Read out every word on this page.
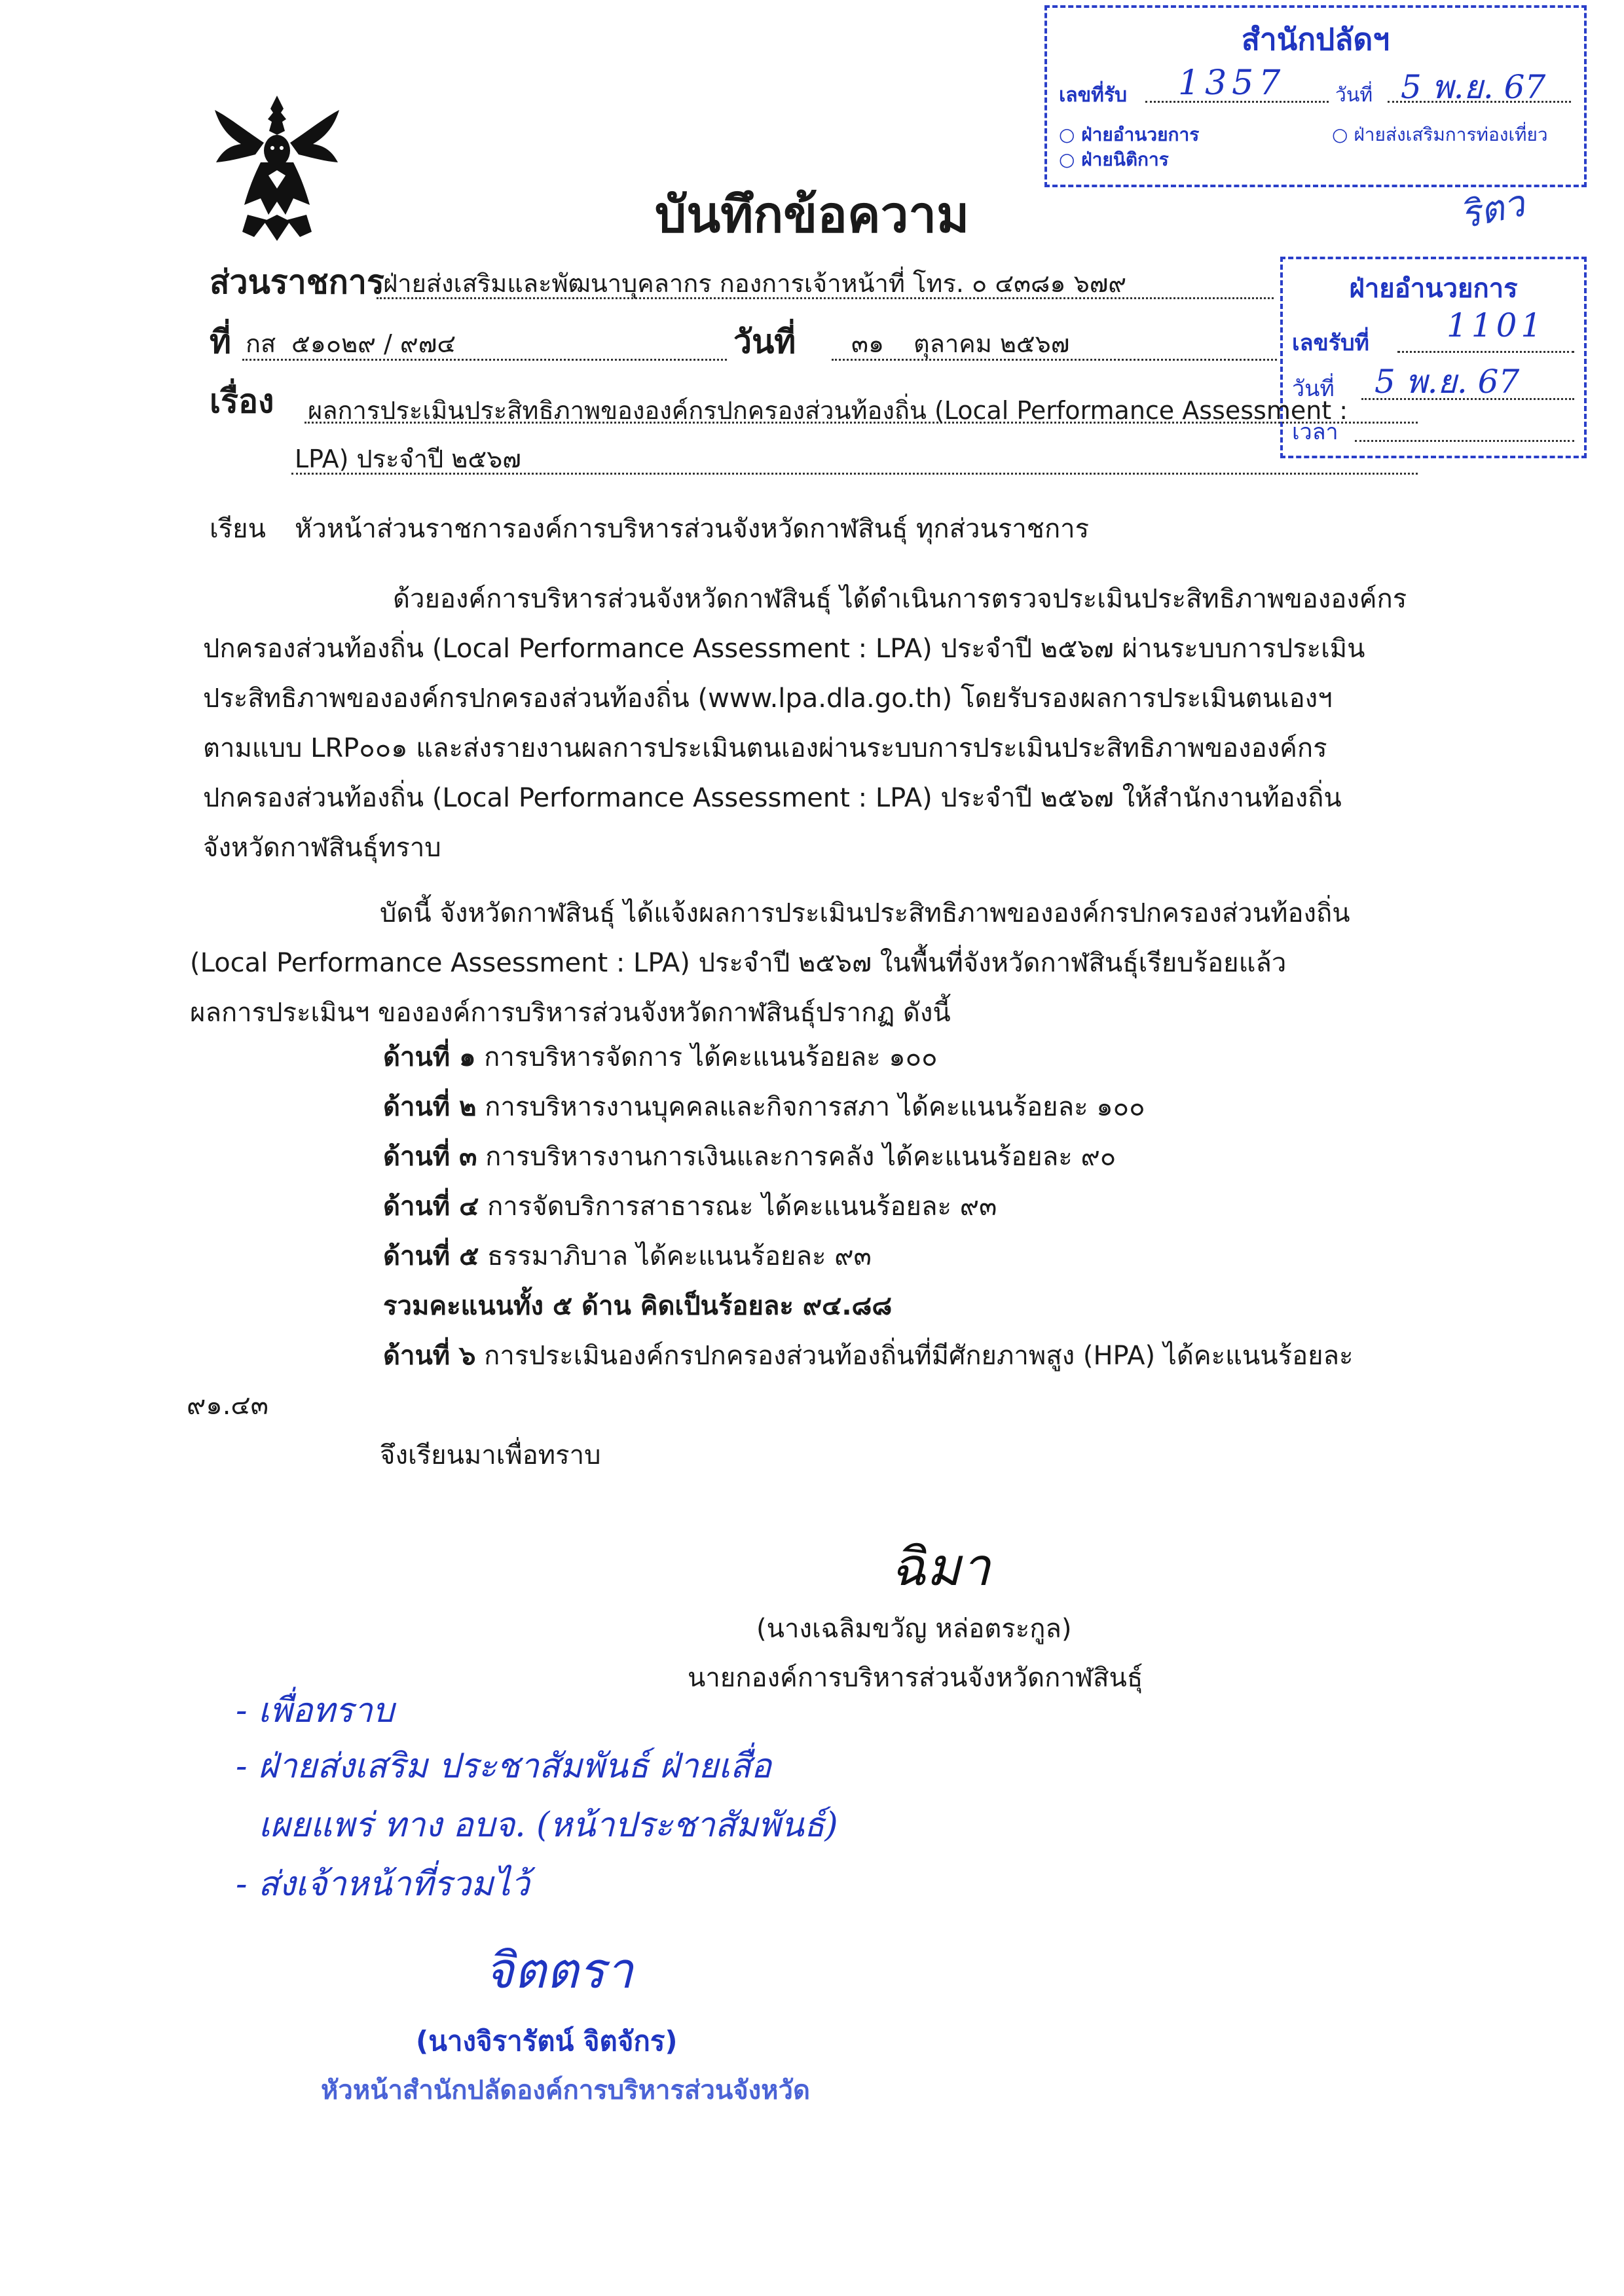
สำนักปลัดฯ
เลขที่รับ 1357	วันที่ 5 พ.ย. 67
○ ฝ่ายอำนวยการ
○ ฝ่ายนิติการ
○ ฝ่ายส่งเสริมการท่องเที่ยว
ริตว
ฝ่ายอำนวยการ
เลขรับที่ 1101
วันที่ 5 พ.ย. 67
เวลา
บันทึกข้อความ
ส่วนราชการ
ฝ่ายส่งเสริมและพัฒนาบุคลากร กองการเจ้าหน้าที่ โทร. ๐ ๔๓๘๑ ๖๗๙
ที่ กส ๕๑๐๒๙ / ๙๗๔	วันที่ ๓๑ ตุลาคม ๒๕๖๗
เรื่อง ผลการประเมินประสิทธิภาพขององค์กรปกครองส่วนท้องถิ่น (Local Performance Assessment :
LPA) ประจำปี ๒๕๖๗
เรียน หัวหน้าส่วนราชการองค์การบริหารส่วนจังหวัดกาฬสินธุ์ ทุกส่วนราชการ
ด้วยองค์การบริหารส่วนจังหวัดกาฬสินธุ์ ได้ดำเนินการตรวจประเมินประสิทธิภาพขององค์กร
ปกครองส่วนท้องถิ่น (Local Performance Assessment : LPA) ประจำปี ๒๕๖๗ ผ่านระบบการประเมิน
ประสิทธิภาพขององค์กรปกครองส่วนท้องถิ่น (www.lpa.dla.go.th) โดยรับรองผลการประเมินตนเองฯ
ตามแบบ LRP๐๐๑ และส่งรายงานผลการประเมินตนเองผ่านระบบการประเมินประสิทธิภาพขององค์กร
ปกครองส่วนท้องถิ่น (Local Performance Assessment : LPA) ประจำปี ๒๕๖๗ ให้สำนักงานท้องถิ่น
จังหวัดกาฬสินธุ์ทราบ
บัดนี้ จังหวัดกาฬสินธุ์ ได้แจ้งผลการประเมินประสิทธิภาพขององค์กรปกครองส่วนท้องถิ่น
(Local Performance Assessment : LPA) ประจำปี ๒๕๖๗ ในพื้นที่จังหวัดกาฬสินธุ์เรียบร้อยแล้ว
ผลการประเมินฯ ขององค์การบริหารส่วนจังหวัดกาฬสินธุ์ปรากฏ ดังนี้
ด้านที่ ๑ การบริหารจัดการ ได้คะแนนร้อยละ ๑๐๐
ด้านที่ ๒ การบริหารงานบุคคลและกิจการสภา ได้คะแนนร้อยละ ๑๐๐
ด้านที่ ๓ การบริหารงานการเงินและการคลัง ได้คะแนนร้อยละ ๙๐
ด้านที่ ๔ การจัดบริการสาธารณะ ได้คะแนนร้อยละ ๙๓
ด้านที่ ๕ ธรรมาภิบาล ได้คะแนนร้อยละ ๙๓
รวมคะแนนทั้ง ๕ ด้าน คิดเป็นร้อยละ ๙๔.๘๘
ด้านที่ ๖ การประเมินองค์กรปกครองส่วนท้องถิ่นที่มีศักยภาพสูง (HPA) ได้คะแนนร้อยละ
๙๑.๔๓
จึงเรียนมาเพื่อทราบ
ฉิมา
(นางเฉลิมขวัญ หล่อตระกูล)
นายกองค์การบริหารส่วนจังหวัดกาฬสินธุ์
- เพื่อทราบ
- ฝ่ายส่งเสริม ประชาสัมพันธ์ ฝ่ายเสื่อ
เผยแพร่ ทาง อบจ. (หน้าประชาสัมพันธ์)
- ส่งเจ้าหน้าที่รวมไว้
จิตตรา
(นางจิรารัตน์ จิตจักร)
หัวหน้าสำนักปลัดองค์การบริหารส่วนจังหวัด
